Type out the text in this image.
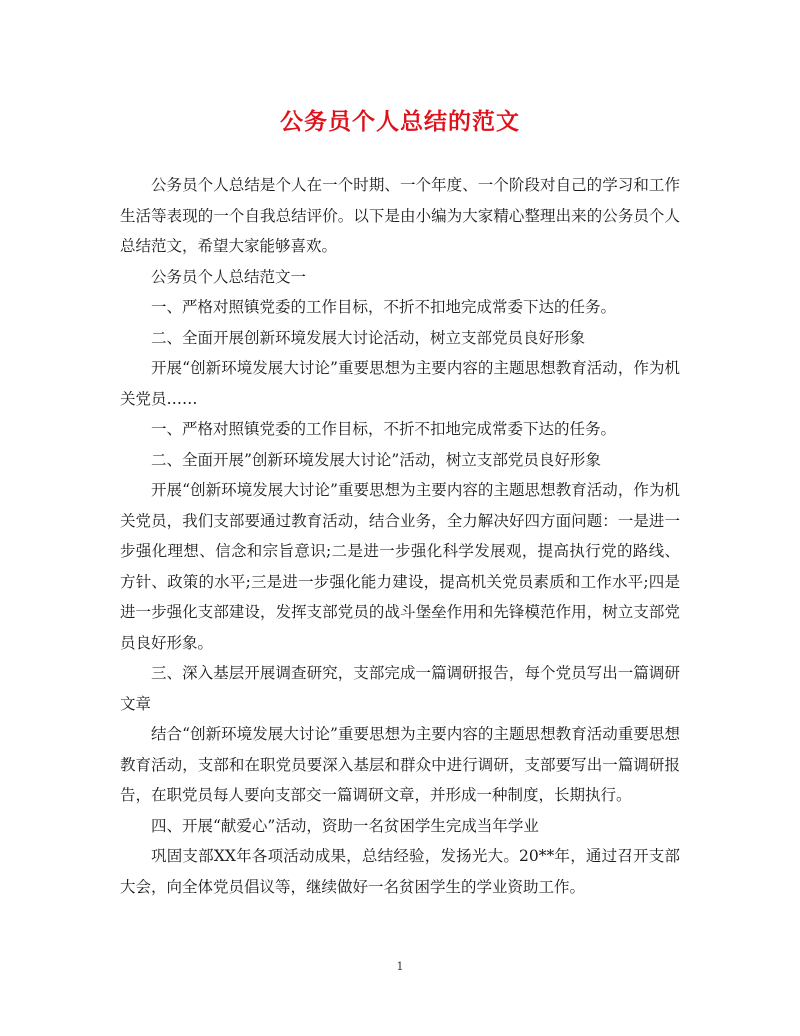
公务员个人总结的范文

公务员个人总结是个人在一个时期、一个年度、一个阶段对自己的学习和工作生活等表现的一个自我总结评价。以下是由小编为大家精心整理出来的公务员个人总结范文，希望大家能够喜欢。

公务员个人总结范文一

一、严格对照镇党委的工作目标，不折不扣地完成常委下达的任务。

二、全面开展创新环境发展大讨论活动，树立支部党员良好形象

开展“创新环境发展大讨论”重要思想为主要内容的主题思想教育活动，作为机关党员……

一、严格对照镇党委的工作目标，不折不扣地完成常委下达的任务。

二、全面开展”创新环境发展大讨论”活动，树立支部党员良好形象

开展“创新环境发展大讨论”重要思想为主要内容的主题思想教育活动，作为机关党员，我们支部要通过教育活动，结合业务，全力解决好四方面问题：一是进一步强化理想、信念和宗旨意识;二是进一步强化科学发展观，提高执行党的路线、方针、政策的水平;三是进一步强化能力建设，提高机关党员素质和工作水平;四是进一步强化支部建设，发挥支部党员的战斗堡垒作用和先锋模范作用，树立支部党员良好形象。

三、深入基层开展调查研究，支部完成一篇调研报告，每个党员写出一篇调研文章

结合“创新环境发展大讨论”重要思想为主要内容的主题思想教育活动重要思想教育活动，支部和在职党员要深入基层和群众中进行调研，支部要写出一篇调研报告，在职党员每人要向支部交一篇调研文章，并形成一种制度，长期执行。

四、开展“献爱心”活动，资助一名贫困学生完成当年学业

巩固支部XX年各项活动成果，总结经验，发扬光大。20**年，通过召开支部大会，向全体党员倡议等，继续做好一名贫困学生的学业资助工作。

1
